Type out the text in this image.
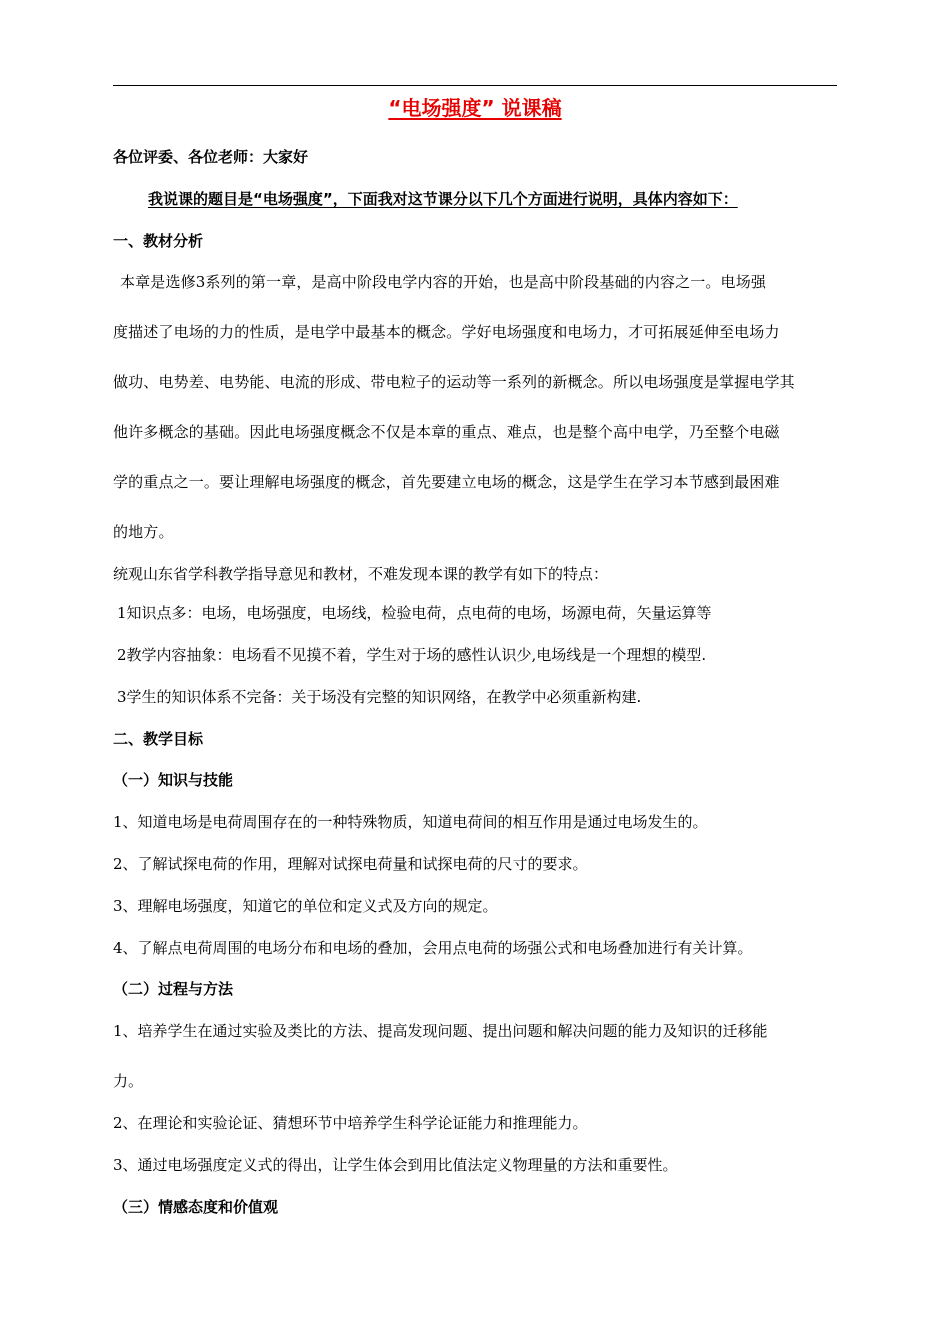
“电场强度” 说课稿
各位评委、各位老师：大家好
我说课的题目是“电场强度”，下面我对这节课分以下几个方面进行说明，具体内容如下：
一、教材分析
本章是选修3系列的第一章，是高中阶段电学内容的开始，也是高中阶段基础的内容之一。电场强
度描述了电场的力的性质，是电学中最基本的概念。学好电场强度和电场力，才可拓展延伸至电场力
做功、电势差、电势能、电流的形成、带电粒子的运动等一系列的新概念。所以电场强度是掌握电学其
他许多概念的基础。因此电场强度概念不仅是本章的重点、难点，也是整个高中电学，乃至整个电磁
学的重点之一。要让理解电场强度的概念，首先要建立电场的概念，这是学生在学习本节感到最困难
的地方。
统观山东省学科教学指导意见和教材，不难发现本课的教学有如下的特点：
1知识点多：电场，电场强度，电场线，检验电荷，点电荷的电场，场源电荷，矢量运算等
2教学内容抽象：电场看不见摸不着，学生对于场的感性认识少,电场线是一个理想的模型.
3学生的知识体系不完备：关于场没有完整的知识网络，在教学中必须重新构建.
二、教学目标
（一）知识与技能
1、知道电场是电荷周围存在的一种特殊物质，知道电荷间的相互作用是通过电场发生的。
2、了解试探电荷的作用，理解对试探电荷量和试探电荷的尺寸的要求。
3、理解电场强度，知道它的单位和定义式及方向的规定。
4、了解点电荷周围的电场分布和电场的叠加，会用点电荷的场强公式和电场叠加进行有关计算。
（二）过程与方法
1、培养学生在通过实验及类比的方法、提高发现问题、提出问题和解决问题的能力及知识的迁移能
力。
2、在理论和实验论证、猜想环节中培养学生科学论证能力和推理能力。
3、通过电场强度定义式的得出，让学生体会到用比值法定义物理量的方法和重要性。
（三）情感态度和价值观
